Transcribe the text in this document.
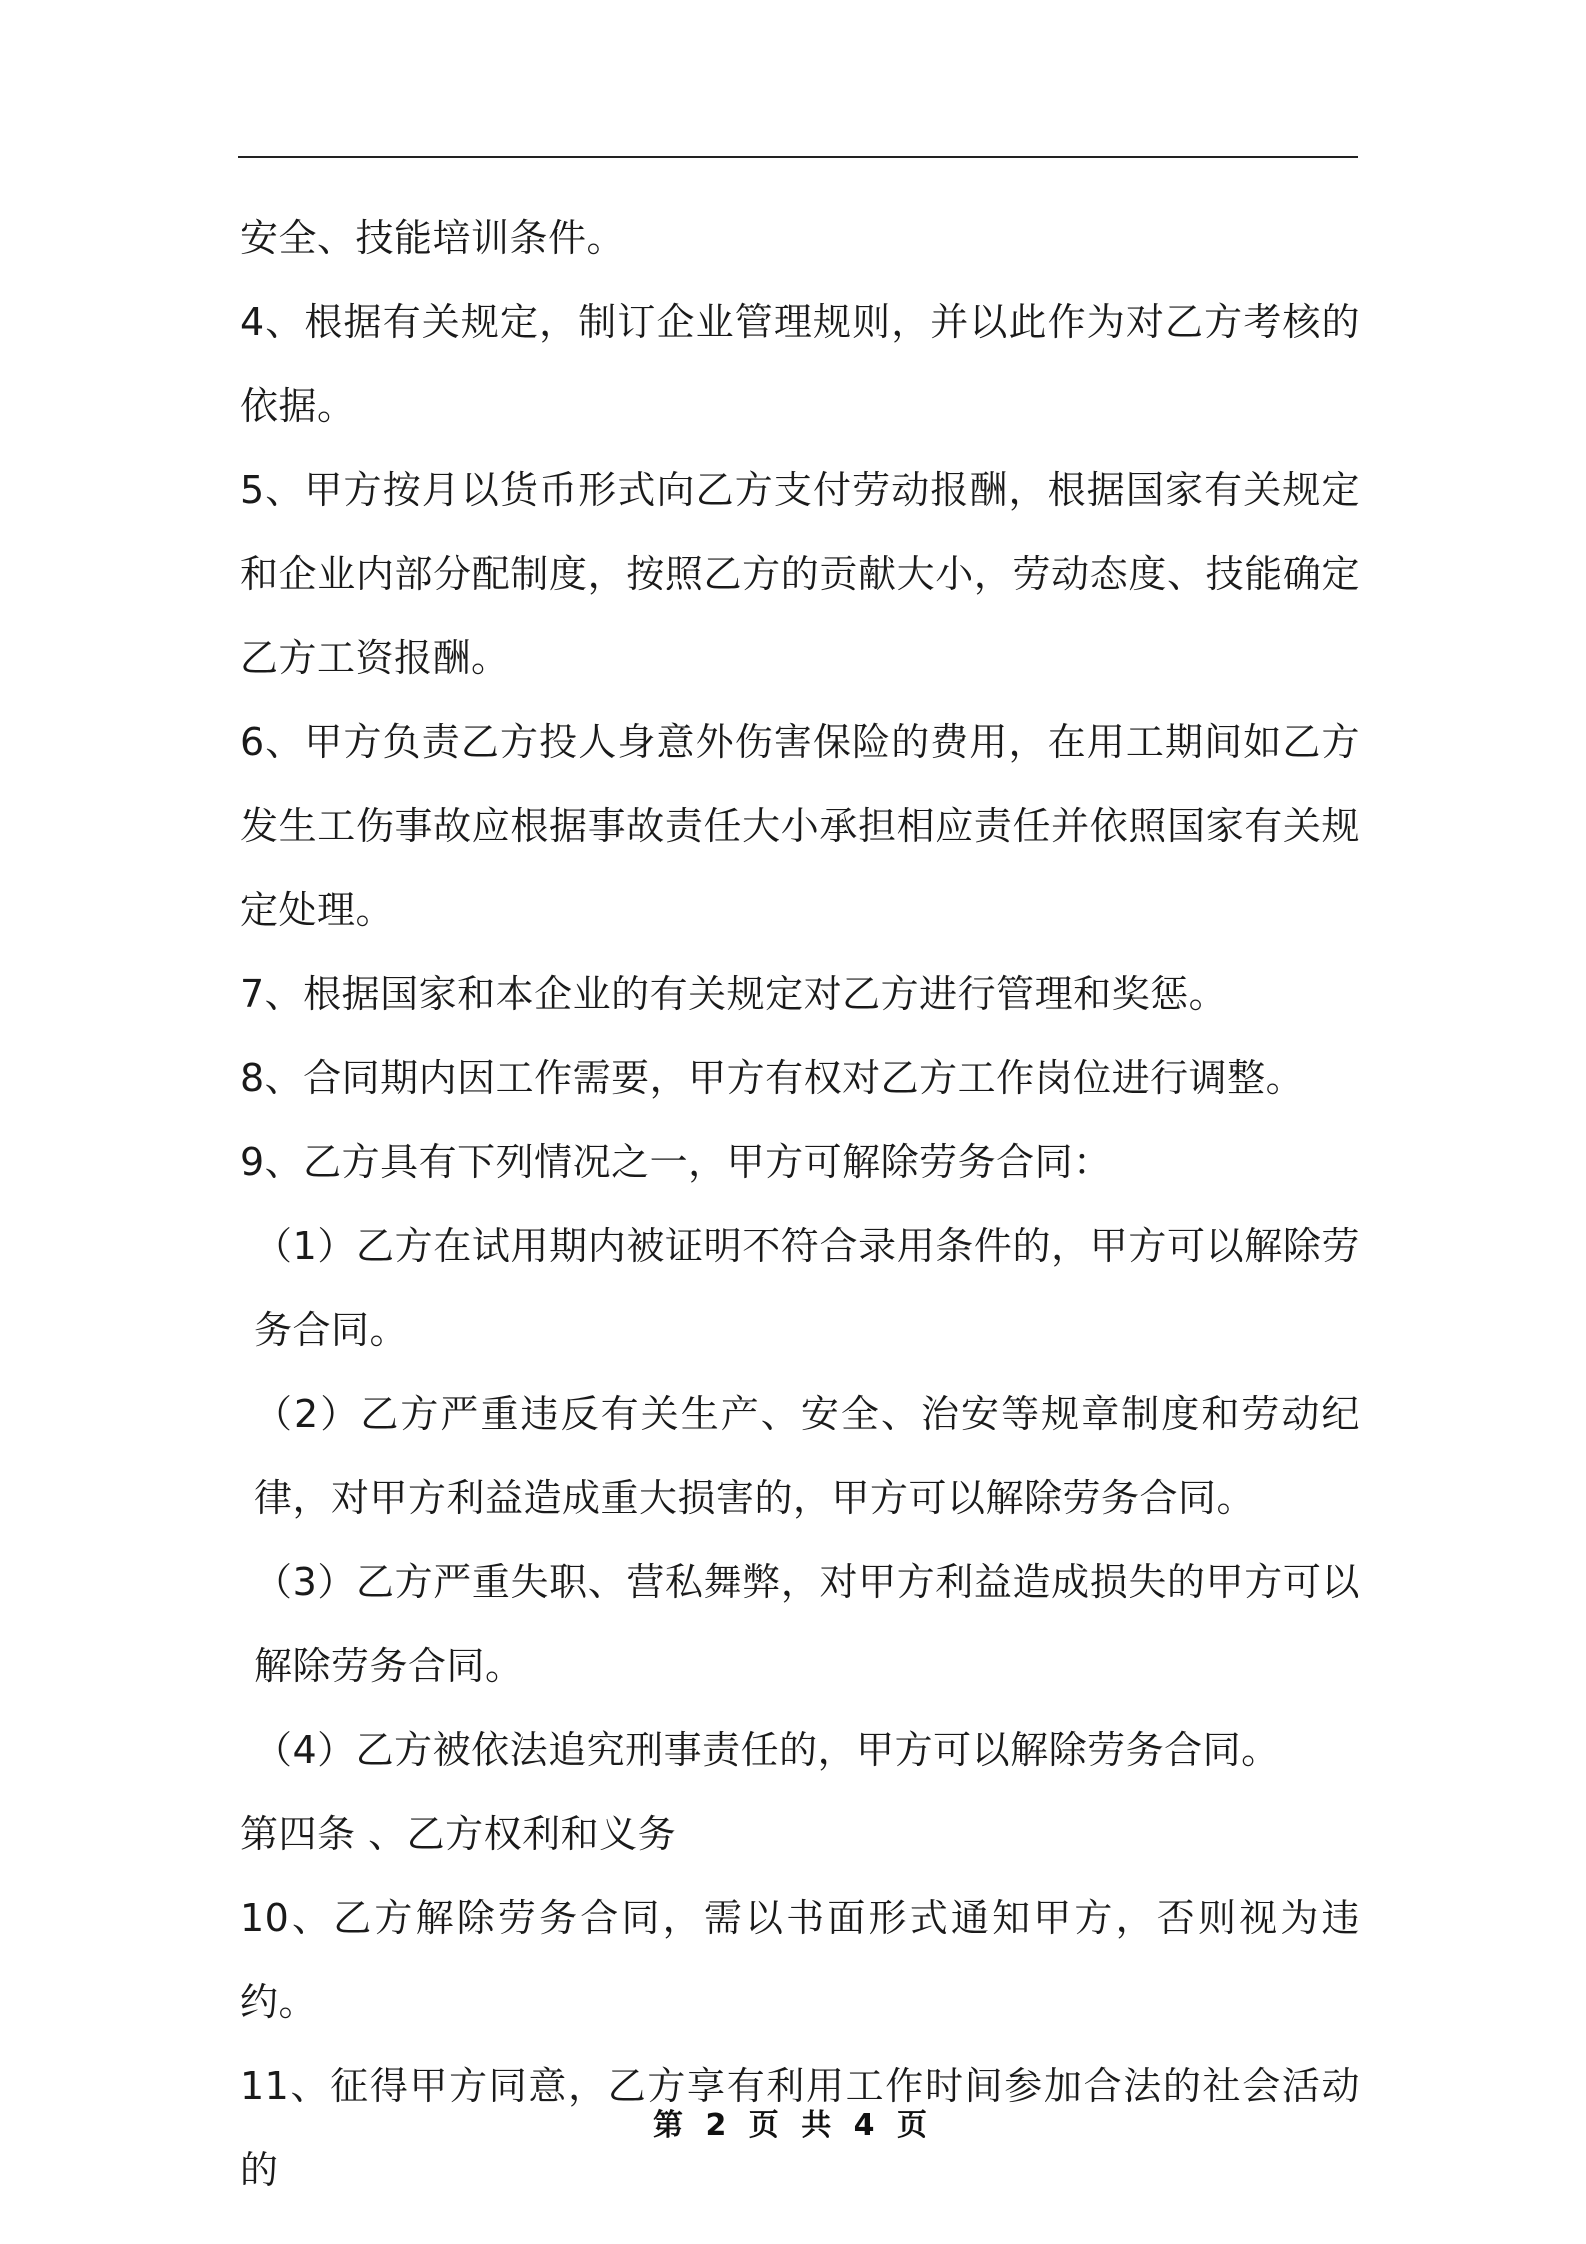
安全、技能培训条件。
4、根据有关规定，制订企业管理规则，并以此作为对乙方考核的依据。
5、甲方按月以货币形式向乙方支付劳动报酬，根据国家有关规定和企业内部分配制度，按照乙方的贡献大小，劳动态度、技能确定乙方工资报酬。
6、甲方负责乙方投人身意外伤害保险的费用，在用工期间如乙方发生工伤事故应根据事故责任大小承担相应责任并依照国家有关规定处理。
7、根据国家和本企业的有关规定对乙方进行管理和奖惩。
8、合同期内因工作需要，甲方有权对乙方工作岗位进行调整。
9、乙方具有下列情况之一，甲方可解除劳务合同：
（1）乙方在试用期内被证明不符合录用条件的，甲方可以解除劳务合同。
（2）乙方严重违反有关生产、安全、治安等规章制度和劳动纪律，对甲方利益造成重大损害的，甲方可以解除劳务合同。
（3）乙方严重失职、营私舞弊，对甲方利益造成损失的甲方可以解除劳务合同。
（4）乙方被依法追究刑事责任的，甲方可以解除劳务合同。
第四条 、乙方权利和义务
10、乙方解除劳务合同，需以书面形式通知甲方，否则视为违约。
11、征得甲方同意，乙方享有利用工作时间参加合法的社会活动的
第 2 页 共 4 页
